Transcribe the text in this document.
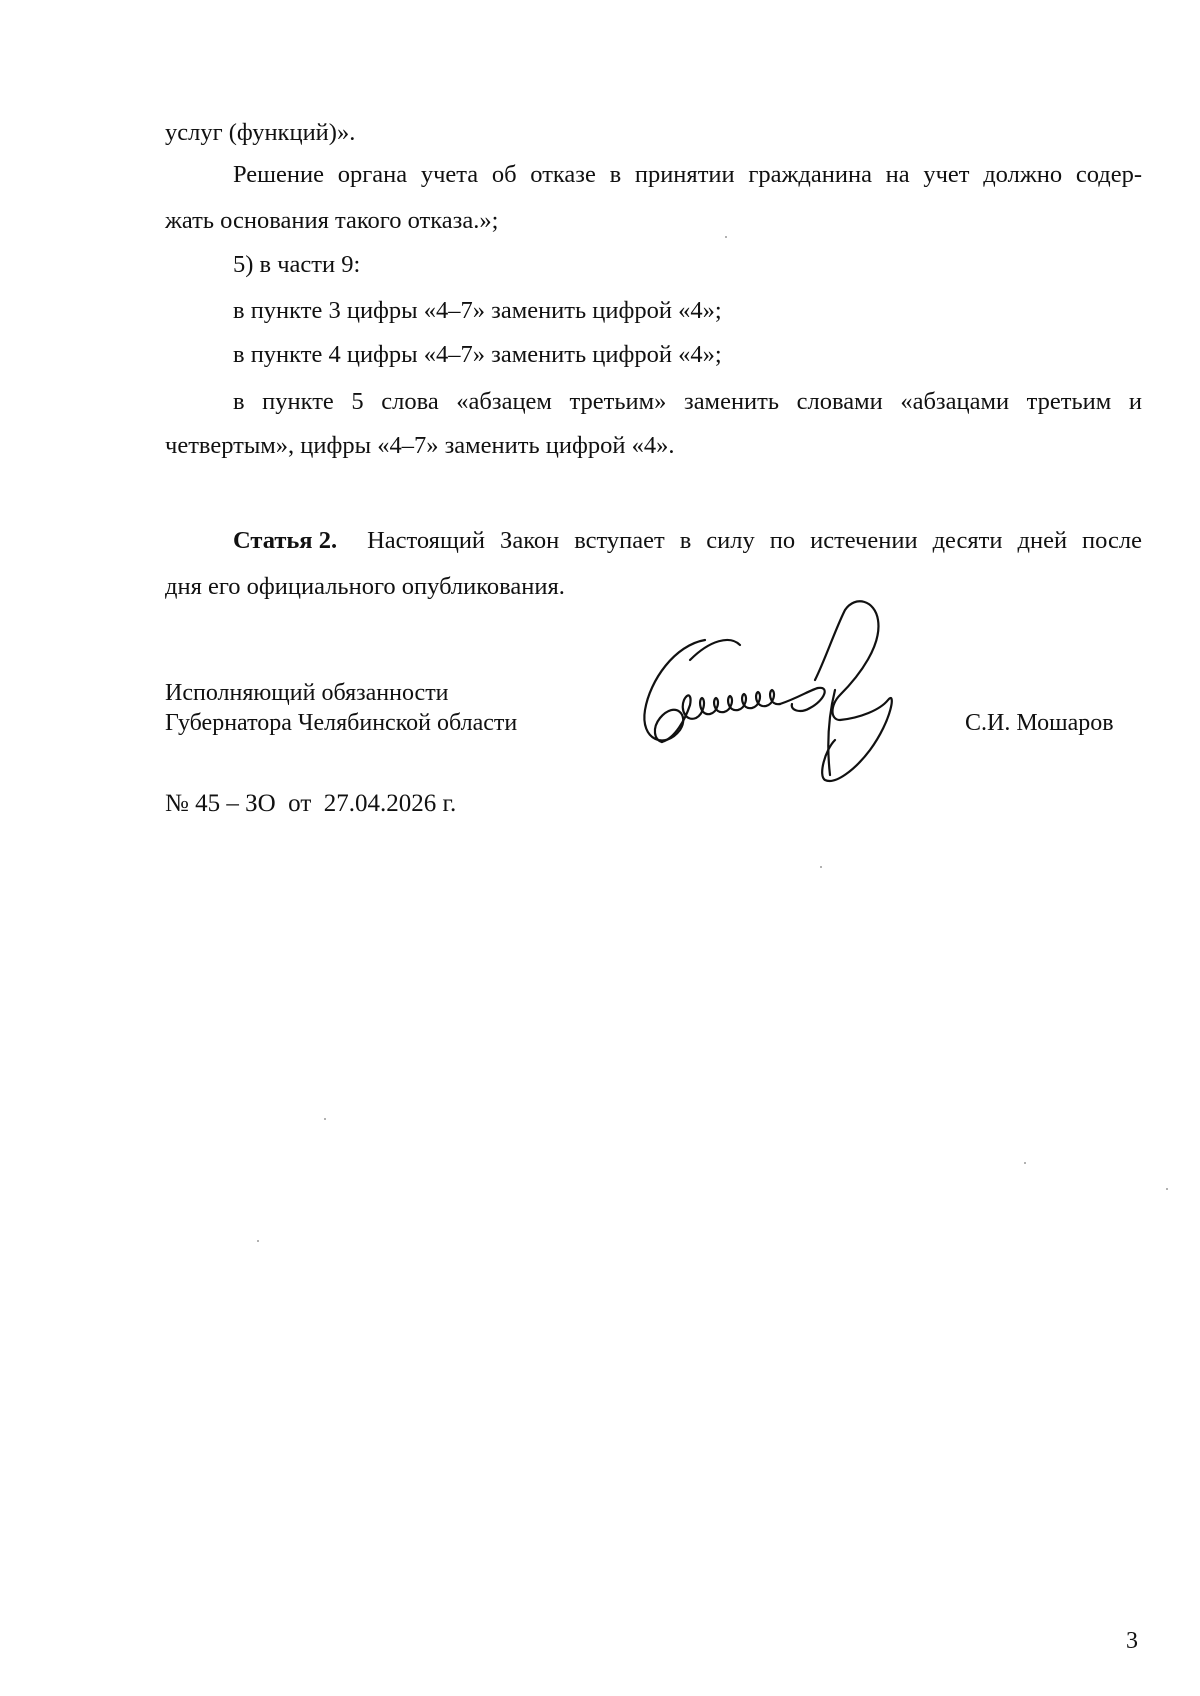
услуг (функций)».
Решение органа учета об отказе в принятии гражданина на учет должно содер-
жать основания такого отказа.»;
5) в части 9:
в пункте 3 цифры «4–7» заменить цифрой «4»;
в пункте 4 цифры «4–7» заменить цифрой «4»;
в пункте 5 слова «абзацем третьим» заменить словами «абзацами третьим и
четвертым», цифры «4–7» заменить цифрой «4».
Статья 2. Настоящий Закон вступает в силу по истечении десяти дней после
дня его официального опубликования.
Исполняющий обязанности
Губернатора Челябинской области	С.И. Мошаров
№ 45 – ЗО  от  27.04.2026 г.
3
